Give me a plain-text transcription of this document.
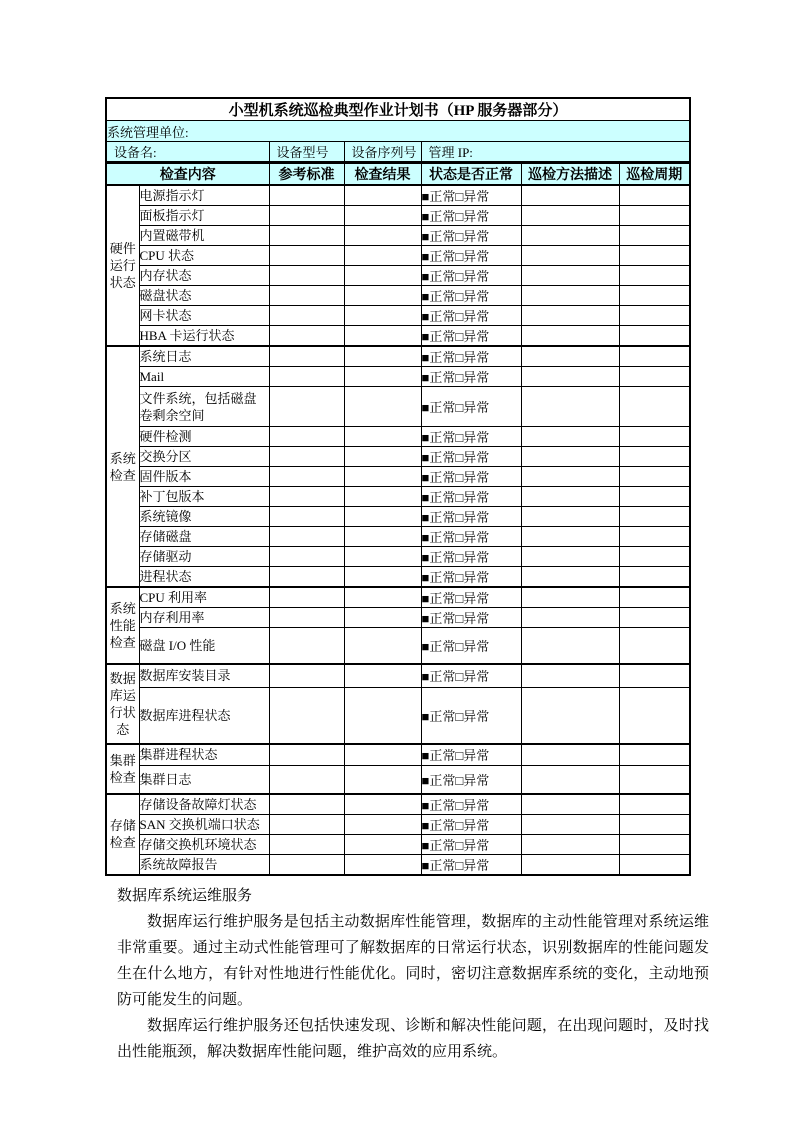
小型机系统巡检典型作业计划书（HP 服务器部分）						
系统管理单位:						
设备名:		设备型号	设备序列号	管理 IP:		
检查内容		参考标准	检查结果	状态是否正常	巡检方法描述	巡检周期
硬件运行状态	电源指示灯			■正常□异常		
	面板指示灯			■正常□异常		
	内置磁带机			■正常□异常		
	CPU 状态			■正常□异常		
	内存状态			■正常□异常		
	磁盘状态			■正常□异常		
	网卡状态			■正常□异常		
	HBA 卡运行状态			■正常□异常		
系统检查	系统日志			■正常□异常		
	Mail			■正常□异常		
	文件系统，包括磁盘卷剩余空间			■正常□异常		
	硬件检测			■正常□异常		
	交换分区			■正常□异常		
	固件版本			■正常□异常		
	补丁包版本			■正常□异常		
	系统镜像			■正常□异常		
	存储磁盘			■正常□异常		
	存储驱动			■正常□异常		
	进程状态			■正常□异常		
系统性能检查	CPU 利用率			■正常□异常		
	内存利用率			■正常□异常		
	磁盘 I/O 性能			■正常□异常		
数据库运行状态	数据库安装目录			■正常□异常		
	数据库进程状态			■正常□异常		
集群检查	集群进程状态			■正常□异常		
	集群日志			■正常□异常		
存储检查	存储设备故障灯状态			■正常□异常		
	SAN 交换机端口状态			■正常□异常		
	存储交换机环境状态			■正常□异常		
	系统故障报告			■正常□异常		
数据库系统运维服务

数据库运行维护服务是包括主动数据库性能管理，数据库的主动性能管理对系统运维非常重要。通过主动式性能管理可了解数据库的日常运行状态，识别数据库的性能问题发生在什么地方，有针对性地进行性能优化。同时，密切注意数据库系统的变化，主动地预防可能发生的问题。

数据库运行维护服务还包括快速发现、诊断和解决性能问题，在出现问题时，及时找出性能瓶颈，解决数据库性能问题，维护高效的应用系统。
